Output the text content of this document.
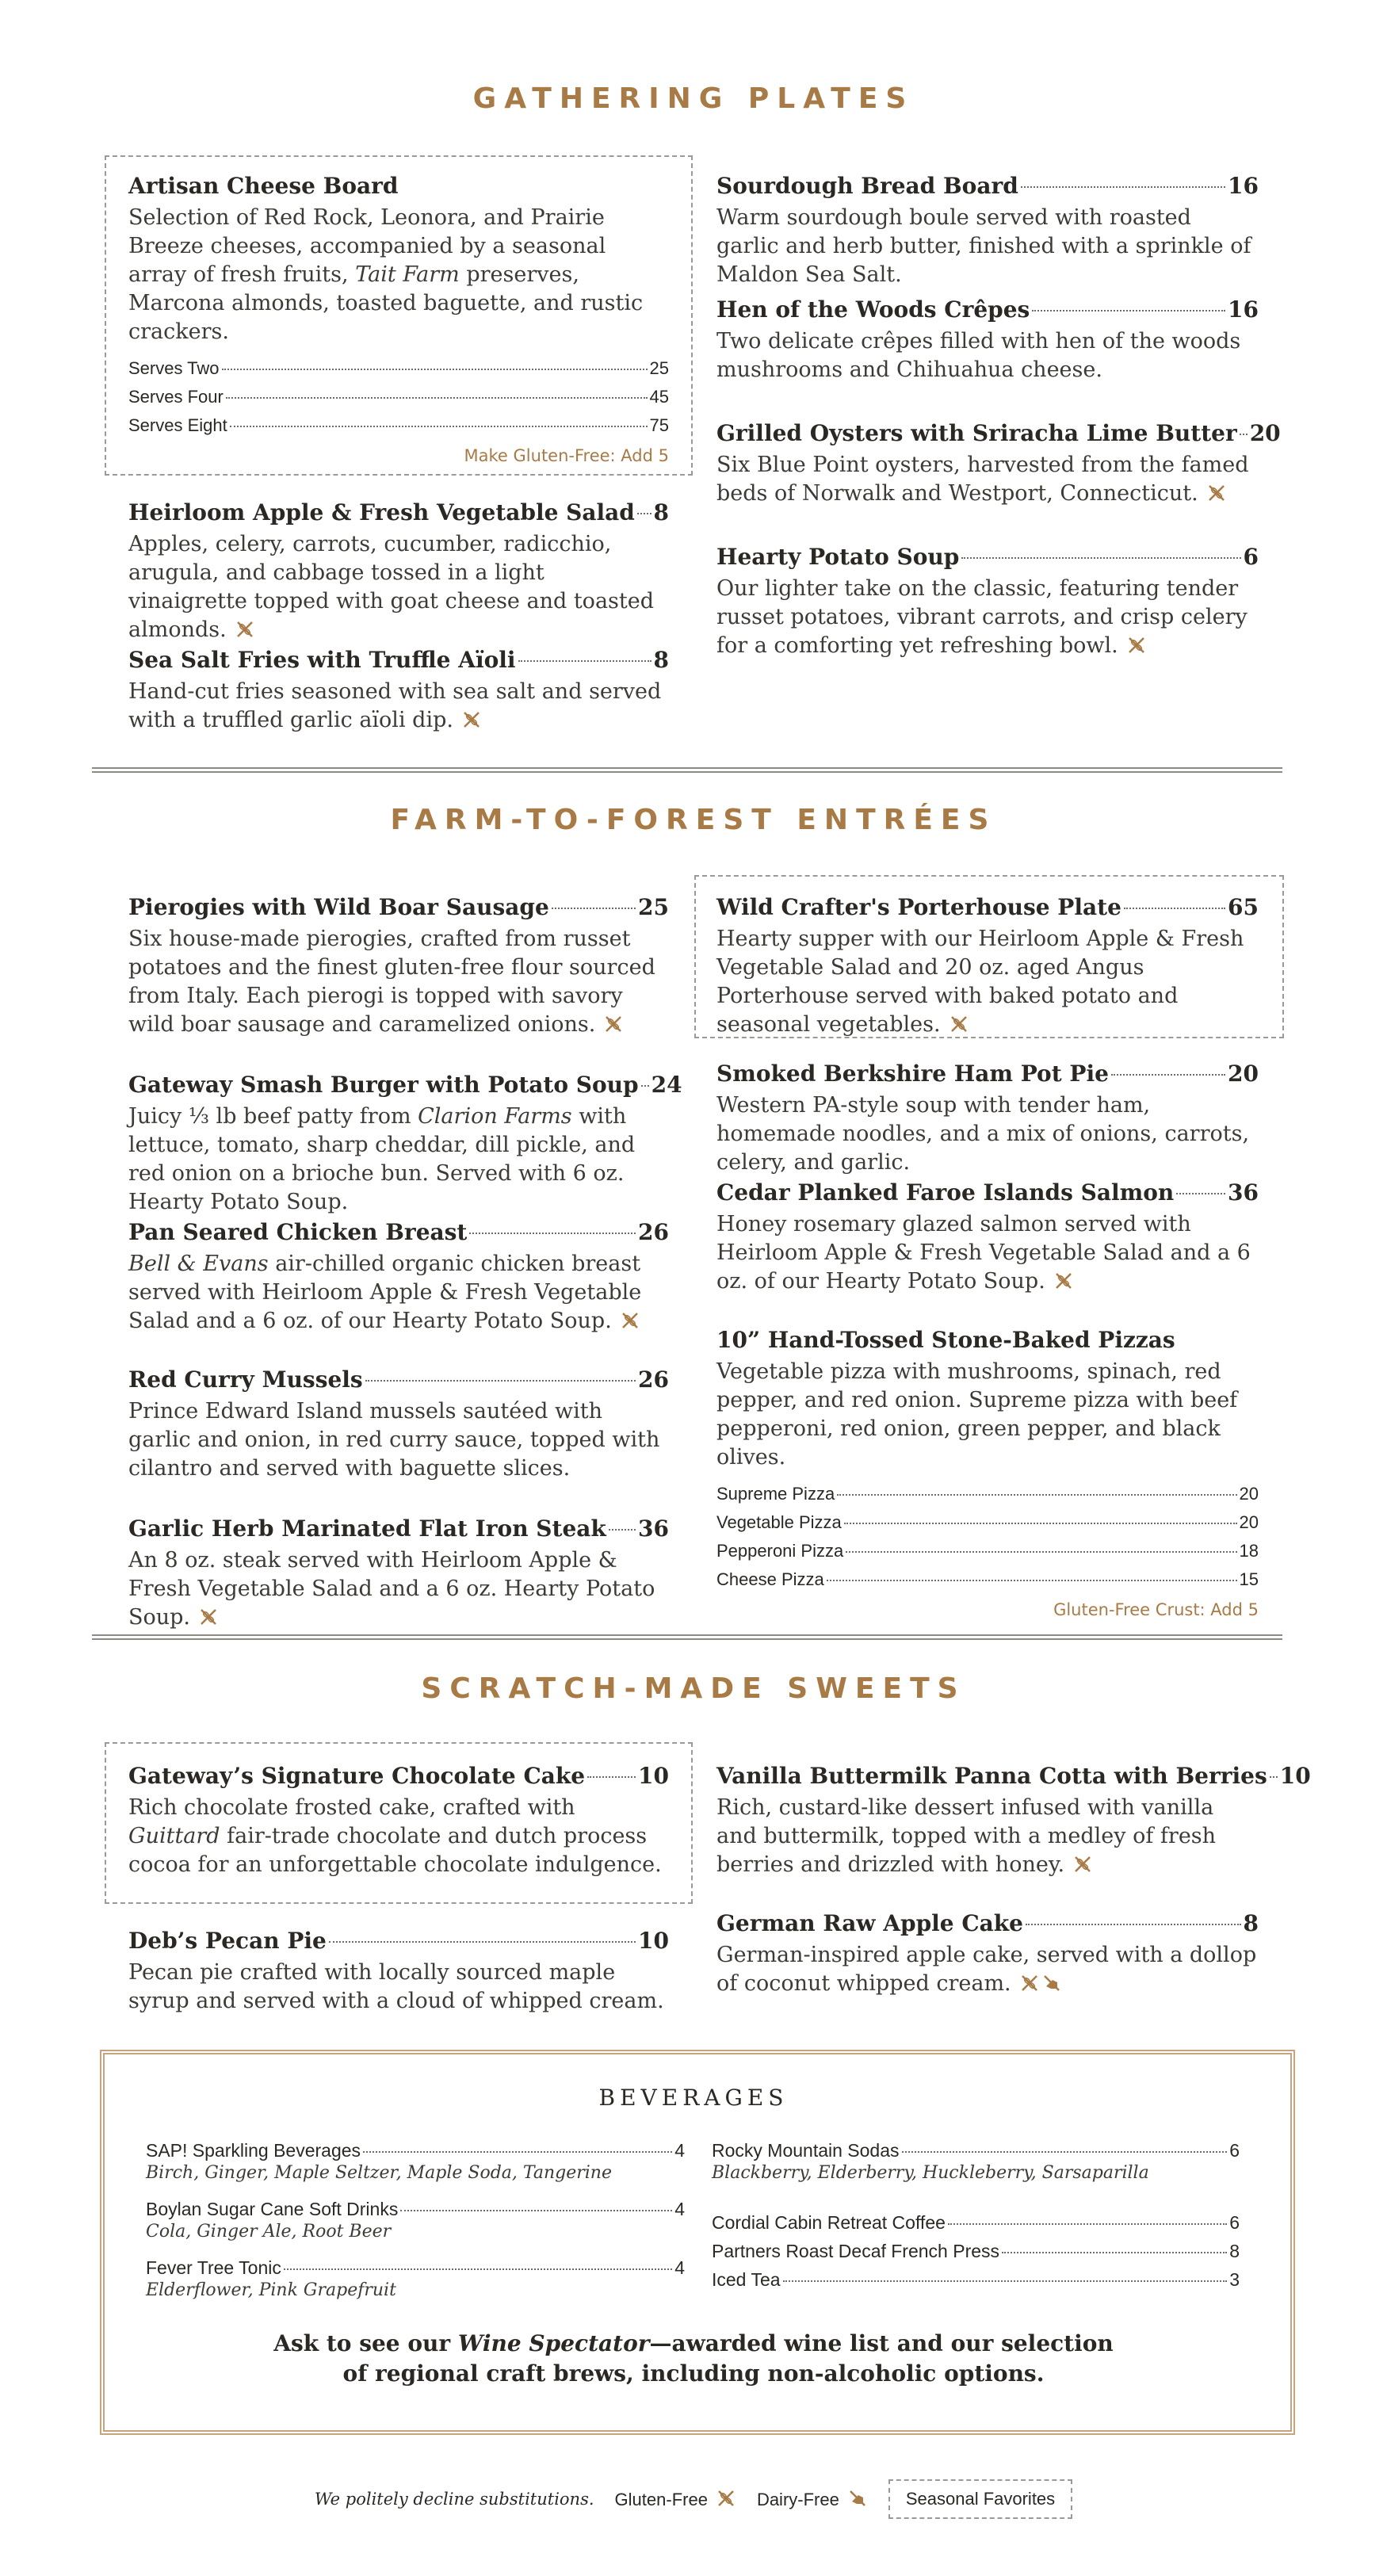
GATHERING PLATES
Artisan Cheese Board
Selection of Red Rock, Leonora, and Prairie Breeze cheeses, accompanied by a seasonal array of fresh fruits, Tait Farm preserves, Marcona almonds, toasted baguette, and rustic crackers.
Serves Two	25
Serves Four	45
Serves Eight	75
Make Gluten-Free: Add 5
Heirloom Apple & Fresh Vegetable Salad 8
Apples, celery, carrots, cucumber, radicchio, arugula, and cabbage tossed in a light vinaigrette topped with goat cheese and toasted almonds.
Sea Salt Fries with Truffle Aïoli	8
Hand-cut fries seasoned with sea salt and served with a truffled garlic aïoli dip.
Sourdough Bread Board	16
Warm sourdough boule served with roasted garlic and herb butter, finished with a sprinkle of Maldon Sea Salt.
Hen of the Woods Crêpes	16
Two delicate crêpes filled with hen of the woods mushrooms and Chihuahua cheese.
Grilled Oysters with Sriracha Lime Butter 20
Six Blue Point oysters, harvested from the famed beds of Norwalk and Westport, Connecticut.
Hearty Potato Soup	6
Our lighter take on the classic, featuring tender russet potatoes, vibrant carrots, and crisp celery for a comforting yet refreshing bowl.
FARM-TO-FOREST ENTRÉES
Pierogies with Wild Boar Sausage	25
Six house-made pierogies, crafted from russet potatoes and the finest gluten-free flour sourced from Italy. Each pierogi is topped with savory wild boar sausage and caramelized onions.
Gateway Smash Burger with Potato Soup 24
Juicy ⅓ lb beef patty from Clarion Farms with lettuce, tomato, sharp cheddar, dill pickle, and red onion on a brioche bun. Served with 6 oz. Hearty Potato Soup.
Pan Seared Chicken Breast	26
Bell & Evans air-chilled organic chicken breast served with Heirloom Apple & Fresh Vegetable Salad and a 6 oz. of our Hearty Potato Soup.
Red Curry Mussels	26
Prince Edward Island mussels sautéed with garlic and onion, in red curry sauce, topped with cilantro and served with baguette slices.
Garlic Herb Marinated Flat Iron Steak 36
An 8 oz. steak served with Heirloom Apple & Fresh Vegetable Salad and a 6 oz. Hearty Potato Soup.
Wild Crafter's Porterhouse Plate	65
Hearty supper with our Heirloom Apple & Fresh Vegetable Salad and 20 oz. aged Angus Porterhouse served with baked potato and seasonal vegetables.
Smoked Berkshire Ham Pot Pie	20
Western PA-style soup with tender ham, homemade noodles, and a mix of onions, carrots, celery, and garlic.
Cedar Planked Faroe Islands Salmon 36
Honey rosemary glazed salmon served with Heirloom Apple & Fresh Vegetable Salad and a 6 oz. of our Hearty Potato Soup.
10” Hand-Tossed Stone-Baked Pizzas
Vegetable pizza with mushrooms, spinach, red pepper, and red onion. Supreme pizza with beef pepperoni, red onion, green pepper, and black olives.
Supreme Pizza	20
Vegetable Pizza	20
Pepperoni Pizza	18
Cheese Pizza	15
Gluten-Free Crust: Add 5
SCRATCH-MADE SWEETS
Gateway’s Signature Chocolate Cake 10
Rich chocolate frosted cake, crafted with Guittard fair-trade chocolate and dutch process cocoa for an unforgettable chocolate indulgence.
Deb’s Pecan Pie	10
Pecan pie crafted with locally sourced maple syrup and served with a cloud of whipped cream.
Vanilla Buttermilk Panna Cotta with Berries 10
Rich, custard-like dessert infused with vanilla and buttermilk, topped with a medley of fresh berries and drizzled with honey.
German Raw Apple Cake	8
German-inspired apple cake, served with a dollop of coconut whipped cream.
BEVERAGES
SAP! Sparkling Beverages	4
Birch, Ginger, Maple Seltzer, Maple Soda, Tangerine
Boylan Sugar Cane Soft Drinks	4
Cola, Ginger Ale, Root Beer
Fever Tree Tonic	4
Elderflower, Pink Grapefruit
Rocky Mountain Sodas	6
Blackberry, Elderberry, Huckleberry, Sarsaparilla
Cordial Cabin Retreat Coffee	6
Partners Roast Decaf French Press	8
Iced Tea	3
Ask to see our Wine Spectator—awarded wine list and our selection
of regional craft brews, including non-alcoholic options.
We politely decline substitutions. Gluten-Free	Dairy-Free	Seasonal Favorites
